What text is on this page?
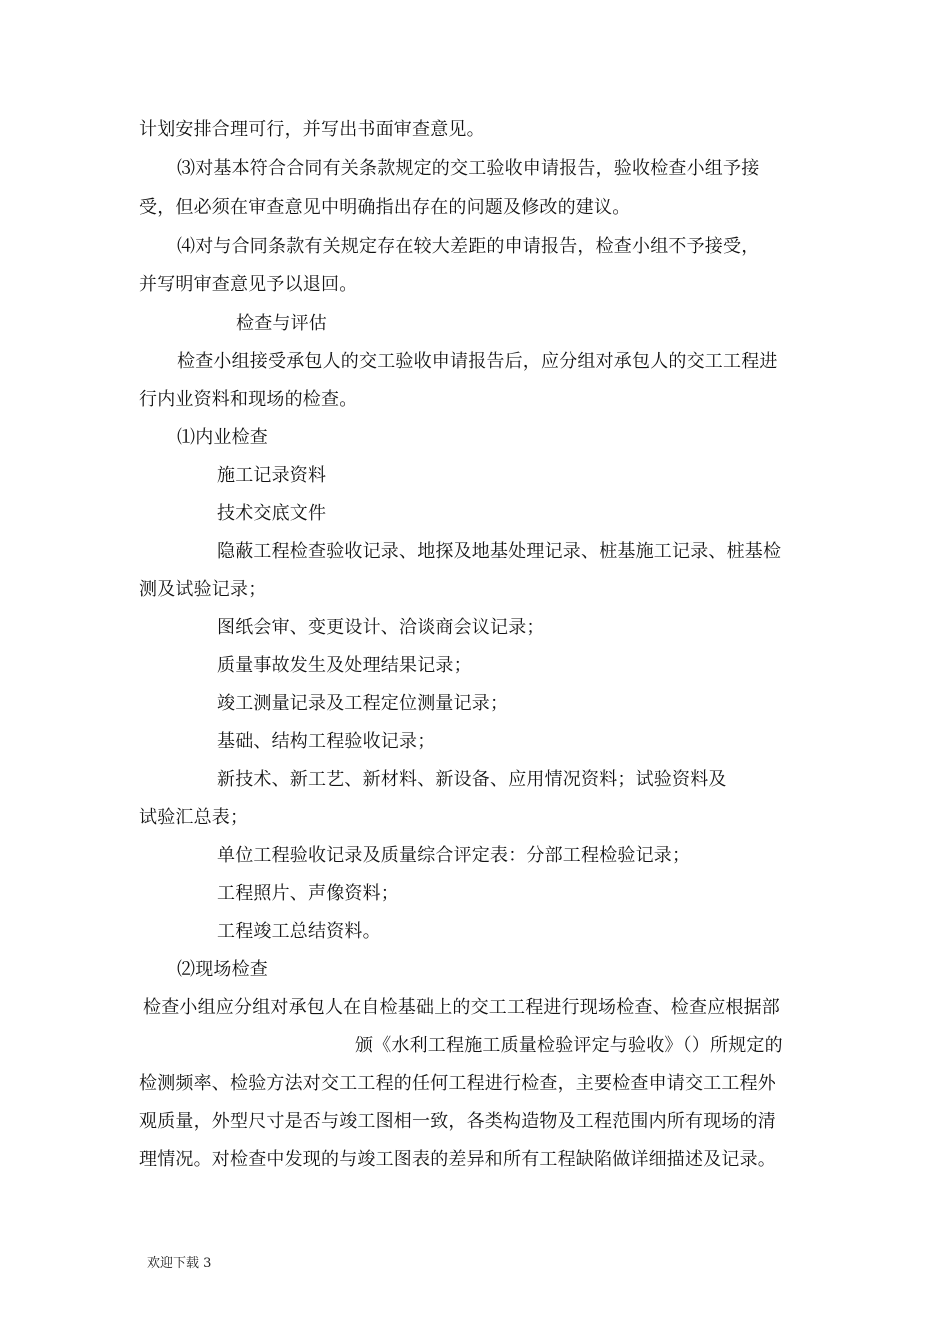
计划安排合理可行，并写出书面审查意见。
⑶对基本符合合同有关条款规定的交工验收申请报告，验收检查小组予接
受，但必须在审查意见中明确指出存在的问题及修改的建议。
⑷对与合同条款有关规定存在较大差距的申请报告，检查小组不予接受，
并写明审查意见予以退回。
检查与评估
检查小组接受承包人的交工验收申请报告后，应分组对承包人的交工工程进
行内业资料和现场的检查。
⑴内业检查
施工记录资料
技术交底文件
隐蔽工程检查验收记录、地探及地基处理记录、桩基施工记录、桩基检
测及试验记录；
图纸会审、变更设计、洽谈商会议记录；
质量事故发生及处理结果记录；
竣工测量记录及工程定位测量记录；
基础、结构工程验收记录；
新技术、新工艺、新材料、新设备、应用情况资料；试验资料及
试验汇总表；
单位工程验收记录及质量综合评定表：分部工程检验记录；
工程照片、声像资料；
工程竣工总结资料。
⑵现场检查
检查小组应分组对承包人在自检基础上的交工工程进行现场检查、检查应根据部
颁《水利工程施工质量检验评定与验收》（）所规定的
检测频率、检验方法对交工工程的任何工程进行检查，主要检查申请交工工程外
观质量，外型尺寸是否与竣工图相一致，各类构造物及工程范围内所有现场的清
理情况。对检查中发现的与竣工图表的差异和所有工程缺陷做详细描述及记录。
欢迎下载 3
